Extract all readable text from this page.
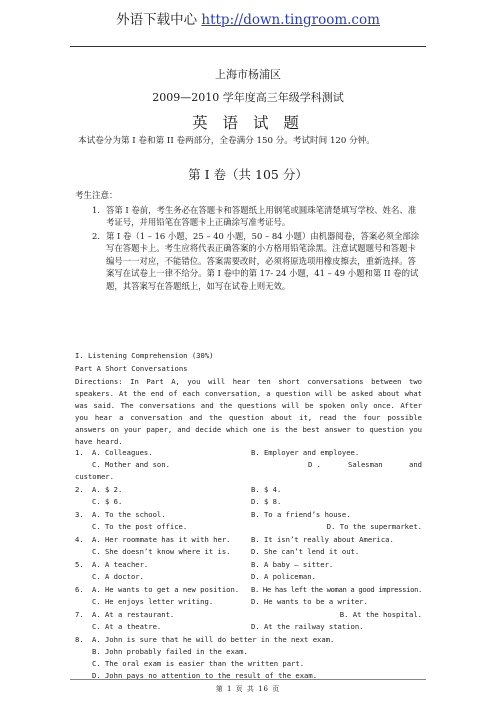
外语下载中心 http://down.tingroom.com
上海市杨浦区
2009—2010 学年度高三年级学科测试
英 语 试 题
本试卷分为第 I 卷和第 II 卷两部分，全卷满分 150 分。考试时间 120 分钟。
第 I 卷（共 105 分）
考生注意：
1. 答第 I 卷前，考生务必在答题卡和答题纸上用钢笔或圆珠笔清楚填写学校、姓名、准考证号，并用铅笔在答题卡上正确涂写准考证号。
2. 第 I 卷（1 – 16 小题，25 – 40 小题，50 – 84 小题）由机器阅卷，答案必须全部涂写在答题卡上。考生应将代表正确答案的小方格用铅笔涂黑。注意试题题号和答题卡编号一一对应，不能错位。答案需要改时，必须将原选项用橡皮擦去，重新选择。答案写在试卷上一律不给分。第 I 卷中的第 17- 24 小题，41 – 49 小题和第 II 卷的试题，其答案写在答题纸上，如写在试卷上则无效。
I. Listening Comprehension (30%)
Part A Short Conversations
Directions: In Part A, you will hear ten short conversations between two speakers. At the end of each conversation, a question will be asked about what was said. The conversations and the questions will be spoken only once. After you hear a conversation and the question about it, read the four possible answers on your paper, and decide which one is the best answer to question you have heard.
1. A. Colleagues.	B. Employer and employee.
C. Mother and son.	D .	Salesman	and
customer.
2. A. $ 2.	B. $ 4.
C. $ 6.	D. $ 8.
3. A. To the school.	B. To a friend’s house.
C. To the post office.	D. To the supermarket.
4. A. Her roommate has it with her.	B. It isn’t really about America.
C. She doesn’t know where it is.	D. She can’t lend it out.
5. A. A teacher.	B. A baby – sitter.
C. A doctor.	D. A policeman.
6. A. He wants to get a new position. B. He has left the woman a good impression.
C. He enjoys letter writing.	D. He wants to be a writer.
7. A. At a restaurant.	B. At the hospital.
C. At a theatre.	D. At the railway station.
8. A. John is sure that he will do better in the next exam.
B. John probably failed in the exam.
C. The oral exam is easier than the written part.
D. John pays no attention to the result of the exam.
第 1 页 共 16 页
